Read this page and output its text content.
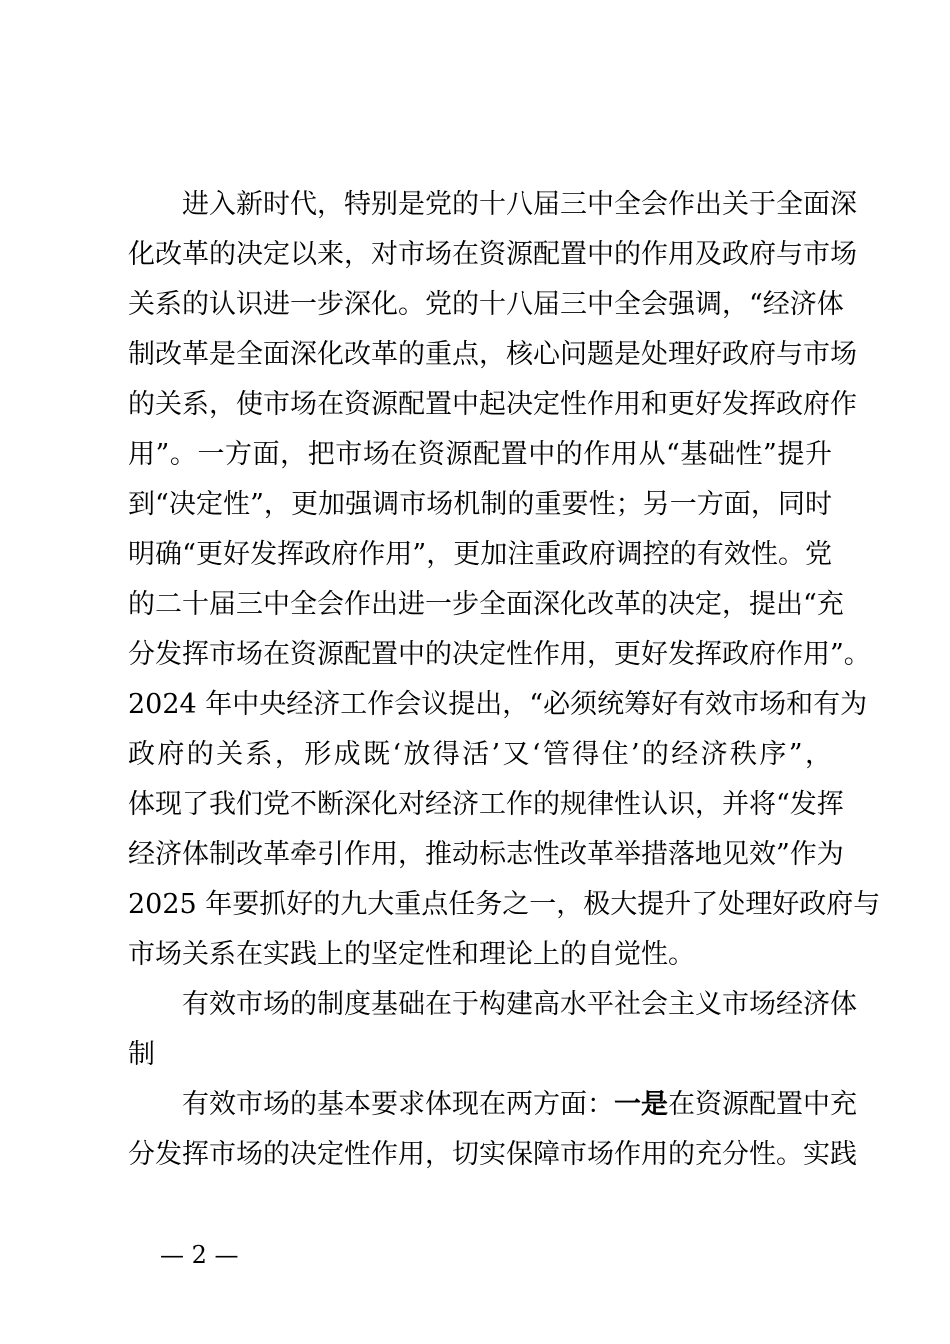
进入新时代，特别是党的十八届三中全会作出关于全面深
化改革的决定以来，对市场在资源配置中的作用及政府与市场
关系的认识进一步深化。党的十八届三中全会强调，“经济体
制改革是全面深化改革的重点，核心问题是处理好政府与市场
的关系，使市场在资源配置中起决定性作用和更好发挥政府作
用”。一方面，把市场在资源配置中的作用从“基础性”提升
到“决定性”，更加强调市场机制的重要性；另一方面，同时
明确“更好发挥政府作用”，更加注重政府调控的有效性。党
的二十届三中全会作出进一步全面深化改革的决定，提出“充
分发挥市场在资源配置中的决定性作用，更好发挥政府作用”。
2024 年中央经济工作会议提出，“必须统筹好有效市场和有为
政府的关系，形成既‘放得活’又‘管得住’的经济秩序”，
体现了我们党不断深化对经济工作的规律性认识，并将“发挥
经济体制改革牵引作用，推动标志性改革举措落地见效”作为
2025 年要抓好的九大重点任务之一，极大提升了处理好政府与
市场关系在实践上的坚定性和理论上的自觉性。
有效市场的制度基础在于构建高水平社会主义市场经济体
制
有效市场的基本要求体现在两方面：一是在资源配置中充
分发挥市场的决定性作用，切实保障市场作用的充分性。实践
— 2 —
